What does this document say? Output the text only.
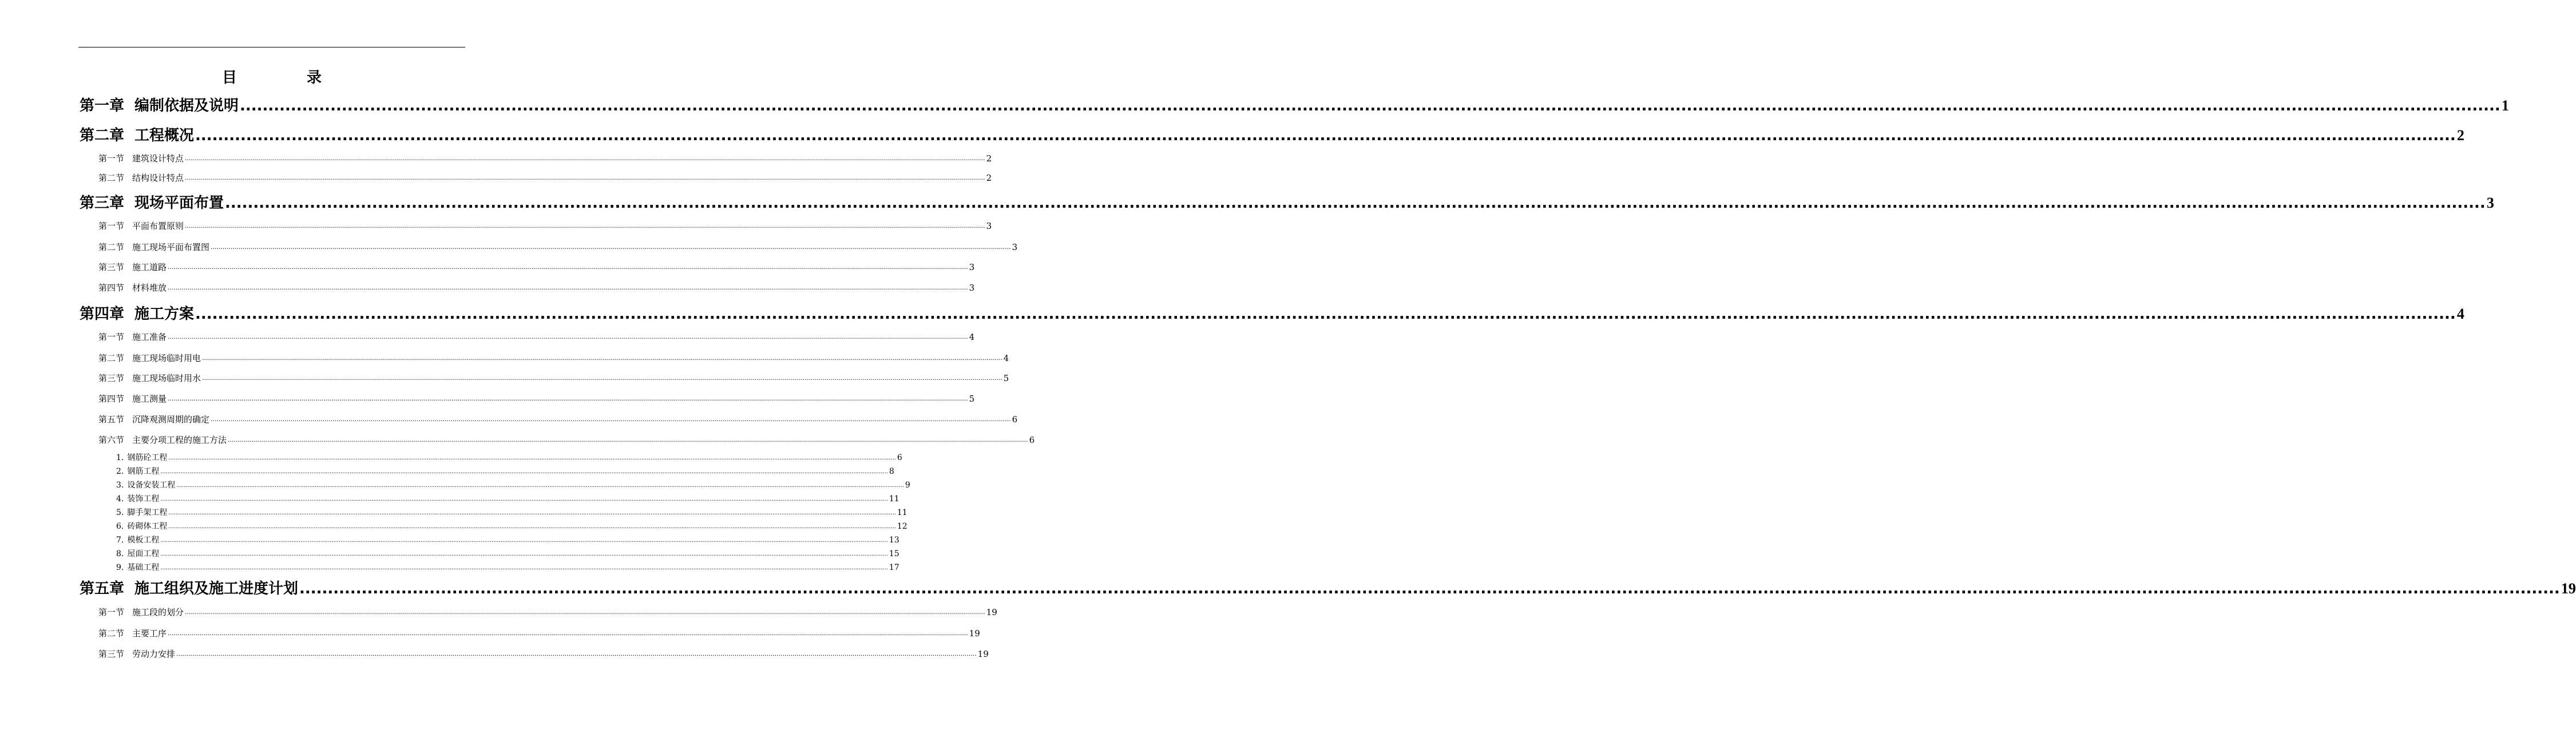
目	录
第一章 编制依据及说明 ................................................................................................................................................................................................................................................................................................................................................................................................................ 1
第二章 工程概况 ................................................................................................................................................................................................................................................................................................................................................................................................................ 2
第一节 建筑设计特点 ................................................................................................................................................................................................................................................................................................................................................................................................................ 2
第二节 结构设计特点 ................................................................................................................................................................................................................................................................................................................................................................................................................ 2
第三章 现场平面布置 ................................................................................................................................................................................................................................................................................................................................................................................................................ 3
第一节 平面布置原则 ................................................................................................................................................................................................................................................................................................................................................................................................................ 3
第二节 施工现场平面布置图 ................................................................................................................................................................................................................................................................................................................................................................................................................ 3
第三节 施工道路 ................................................................................................................................................................................................................................................................................................................................................................................................................ 3
第四节 材料堆放 ................................................................................................................................................................................................................................................................................................................................................................................................................ 3
第四章 施工方案 ................................................................................................................................................................................................................................................................................................................................................................................................................ 4
第一节 施工准备 ................................................................................................................................................................................................................................................................................................................................................................................................................ 4
第二节 施工现场临时用电 ................................................................................................................................................................................................................................................................................................................................................................................................................ 4
第三节 施工现场临时用水 ................................................................................................................................................................................................................................................................................................................................................................................................................ 5
第四节 施工测量 ................................................................................................................................................................................................................................................................................................................................................................................................................ 5
第五节 沉降观测周期的确定 ................................................................................................................................................................................................................................................................................................................................................................................................................ 6
第六节 主要分项工程的施工方法 ................................................................................................................................................................................................................................................................................................................................................................................................................ 6
1. 钢筋砼工程 ................................................................................................................................................................................................................................................................................................................................................................................................................ 6
2. 钢筋工程 ................................................................................................................................................................................................................................................................................................................................................................................................................ 8
3. 设备安装工程 ................................................................................................................................................................................................................................................................................................................................................................................................................ 9
4. 装饰工程 ................................................................................................................................................................................................................................................................................................................................................................................................................ 11
5. 脚手架工程 ................................................................................................................................................................................................................................................................................................................................................................................................................ 11
6. 砖砌体工程 ................................................................................................................................................................................................................................................................................................................................................................................................................ 12
7. 模板工程 ................................................................................................................................................................................................................................................................................................................................................................................................................ 13
8. 屋面工程 ................................................................................................................................................................................................................................................................................................................................................................................................................ 15
9. 基础工程 ................................................................................................................................................................................................................................................................................................................................................................................................................ 17
第五章 施工组织及施工进度计划 ................................................................................................................................................................................................................................................................................................................................................................................................................ 19
第一节 施工段的划分 ................................................................................................................................................................................................................................................................................................................................................................................................................ 19
第二节 主要工序 ................................................................................................................................................................................................................................................................................................................................................................................................................ 19
第三节 劳动力安排 ................................................................................................................................................................................................................................................................................................................................................................................................................ 19
